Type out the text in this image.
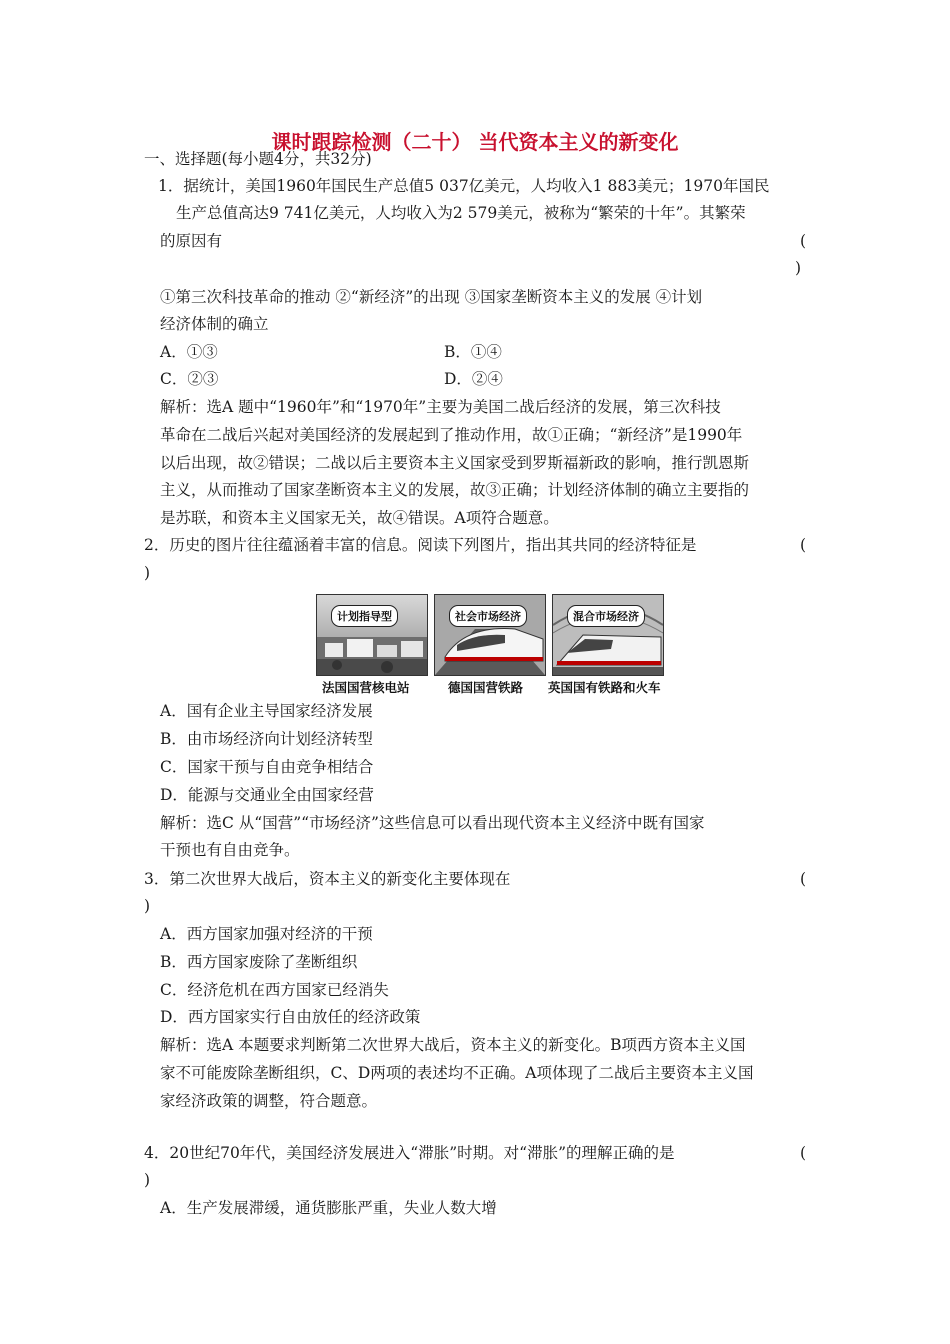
课时跟踪检测（二十） 当代资本主义的新变化
一、选择题(每小题4分，共32分)
1．据统计，美国1960年国民生产总值5 037亿美元，人均收入1 883美元；1970年国民
生产总值高达9 741亿美元，人均收入为2 579美元，被称为“繁荣的十年”。其繁荣
的原因有	(
)
①第三次科技革命的推动 ②“新经济”的出现 ③国家垄断资本主义的发展 ④计划
经济体制的确立
A．①③	B．①④
C．②③	D．②④
解析：选A 题中“1960年”和“1970年”主要为美国二战后经济的发展，第三次科技
革命在二战后兴起对美国经济的发展起到了推动作用，故①正确；“新经济”是1990年
以后出现，故②错误；二战以后主要资本主义国家受到罗斯福新政的影响，推行凯恩斯
主义，从而推动了国家垄断资本主义的发展，故③正确；计划经济体制的确立主要指的
是苏联，和资本主义国家无关，故④错误。A项符合题意。
2．历史的图片往往蕴涵着丰富的信息。阅读下列图片，指出其共同的经济特征是	(
)
计划指导型	社会市场经济	混合市场经济
法国国营核电站	德国国营铁路 英国国有铁路和火车
A．国有企业主导国家经济发展
B．由市场经济向计划经济转型
C．国家干预与自由竞争相结合
D．能源与交通业全由国家经营
解析：选C 从“国营”“市场经济”这些信息可以看出现代资本主义经济中既有国家
干预也有自由竞争。
3．第二次世界大战后，资本主义的新变化主要体现在	(
)
A．西方国家加强对经济的干预
B．西方国家废除了垄断组织
C．经济危机在西方国家已经消失
D．西方国家实行自由放任的经济政策
解析：选A 本题要求判断第二次世界大战后，资本主义的新变化。B项西方资本主义国
家不可能废除垄断组织，C、D两项的表述均不正确。A项体现了二战后主要资本主义国
家经济政策的调整，符合题意。
4．20世纪70年代，美国经济发展进入“滞胀”时期。对“滞胀”的理解正确的是	(
)
A．生产发展滞缓，通货膨胀严重，失业人数大增
